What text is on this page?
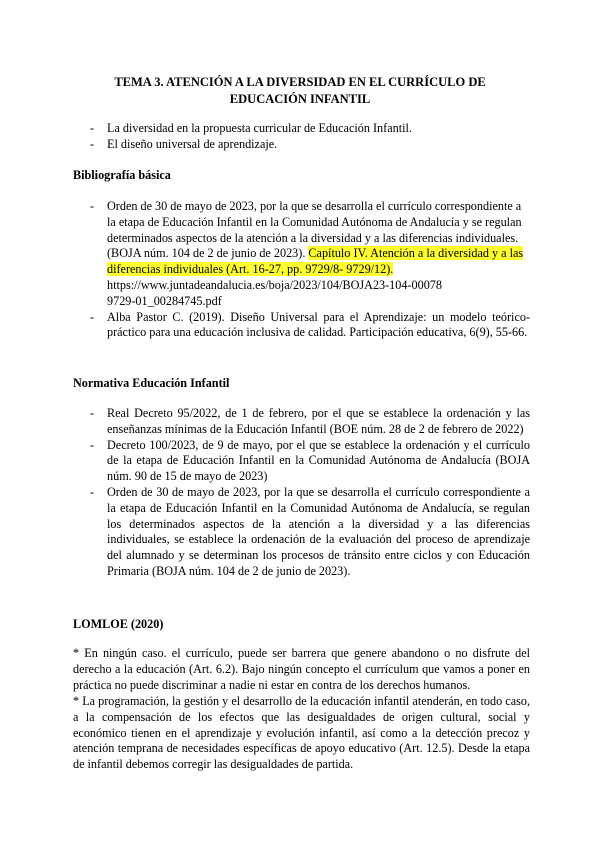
TEMA 3. ATENCIÓN A LA DIVERSIDAD EN EL CURRÍCULO DE
EDUCACIÓN INFANTIL
- La diversidad en la propuesta curricular de Educación Infantil.
- El diseño universal de aprendizaje.
Bibliografía básica
- Orden de 30 de mayo de 2023, por la que se desarrolla el currículo correspondiente a la etapa de Educación Infantil en la Comunidad Autónoma de Andalucía y se regulan determinados aspectos de la atención a la diversidad y a las diferencias individuales. (BOJA núm. 104 de 2 de junio de 2023). Capítulo IV. Atención a la diversidad y a las diferencias individuales (Art. 16-27, pp. 9729/8- 9729/12).
https://www.juntadeandalucia.es/boja/2023/104/BOJA23-104-00078
9729-01_00284745.pdf
- Alba Pastor C. (2019). Diseño Universal para el Aprendizaje: un modelo teórico-práctico para una educación inclusiva de calidad. Participación educativa, 6(9), 55-66.
Normativa Educación Infantil
- Real Decreto 95/2022, de 1 de febrero, por el que se establece la ordenación y las enseñanzas mínimas de la Educación Infantil (BOE núm. 28 de 2 de febrero de 2022)
- Decreto 100/2023, de 9 de mayo, por el que se establece la ordenación y el currículo de la etapa de Educación Infantil en la Comunidad Autónoma de Andalucía (BOJA núm. 90 de 15 de mayo de 2023)
- Orden de 30 de mayo de 2023, por la que se desarrolla el currículo correspondiente a la etapa de Educación Infantil en la Comunidad Autónoma de Andalucía, se regulan los determinados aspectos de la atención a la diversidad y a las diferencias individuales, se establece la ordenación de la evaluación del proceso de aprendizaje del alumnado y se determinan los procesos de tránsito entre ciclos y con Educación Primaria (BOJA núm. 104 de 2 de junio de 2023).
LOMLOE (2020)
* En ningún caso. el currículo, puede ser barrera que genere abandono o no disfrute del derecho a la educación (Art. 6.2). Bajo ningún concepto el currículum que vamos a poner en práctica no puede discriminar a nadie ni estar en contra de los derechos humanos.
* La programación, la gestión y el desarrollo de la educación infantil atenderán, en todo caso, a la compensación de los efectos que las desigualdades de origen cultural, social y económico tienen en el aprendizaje y evolución infantil, así como a la detección precoz y atención temprana de necesidades específicas de apoyo educativo (Art. 12.5). Desde la etapa de infantil debemos corregir las desigualdades de partida.
